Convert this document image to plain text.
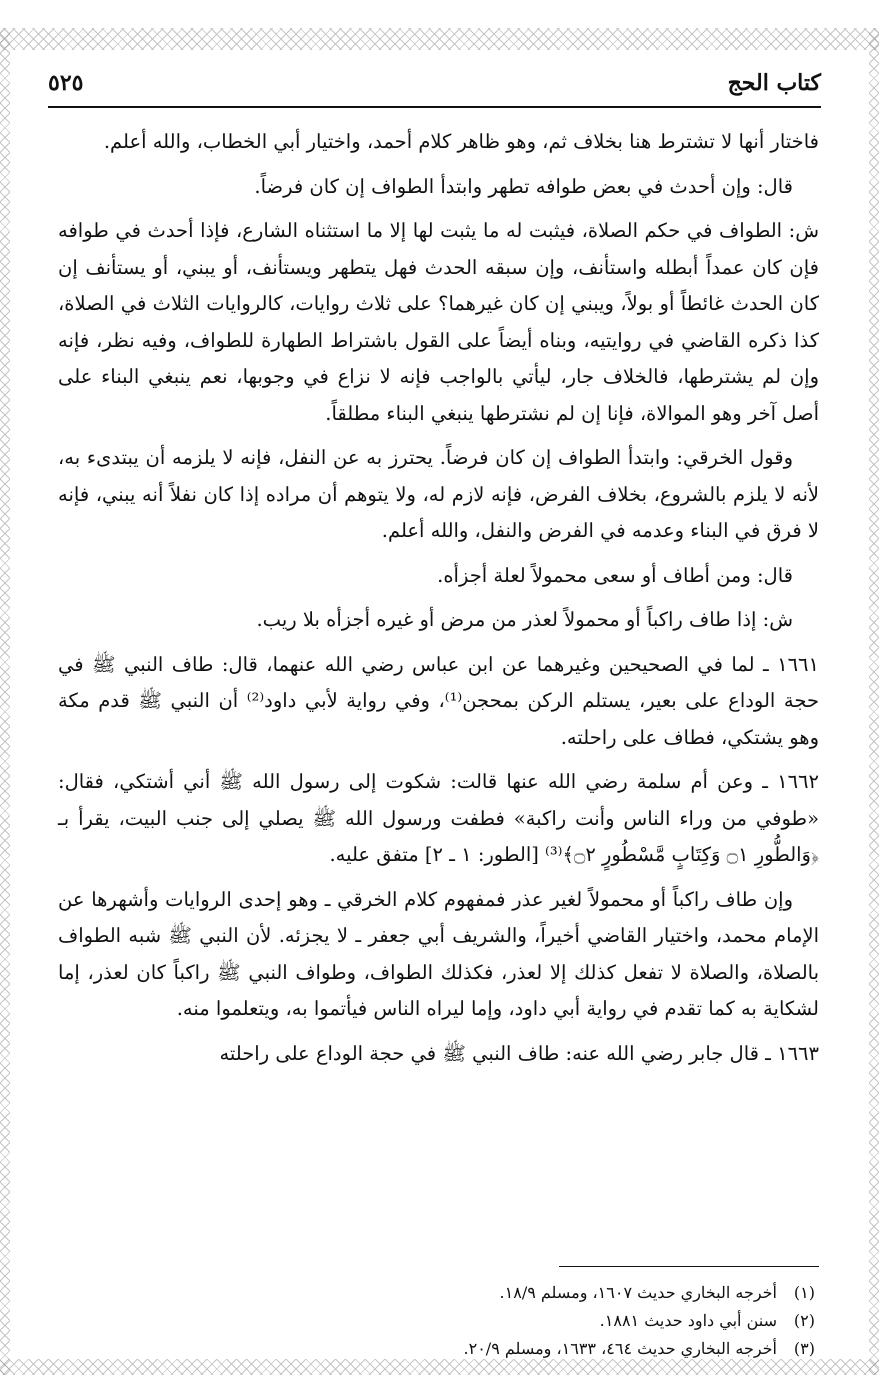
كتاب الحج
٥٢٥

فاختار أنها لا تشترط هنا بخلاف ثم، وهو ظاهر كلام أحمد، واختيار أبي الخطاب، والله أعلم.

قال: وإن أحدث في بعض طوافه تطهر وابتدأ الطواف إن كان فرضاً.

ش: الطواف في حكم الصلاة، فيثبت له ما يثبت لها إلا ما استثناه الشارع، فإذا أحدث في طوافه فإن كان عمداً أبطله واستأنف، وإن سبقه الحدث فهل يتطهر ويستأنف، أو يبني، أو يستأنف إن كان الحدث غائطاً أو بولاً، ويبني إن كان غيرهما؟ على ثلاث روايات، كالروايات الثلاث في الصلاة، كذا ذكره القاضي في روايتيه، وبناه أيضاً على القول باشتراط الطهارة للطواف، وفيه نظر، فإنه وإن لم يشترطها، فالخلاف جار، ليأتي بالواجب فإنه لا نزاع في وجوبها، نعم ينبغي البناء على أصل آخر وهو الموالاة، فإنا إن لم نشترطها ينبغي البناء مطلقاً.

وقول الخرقي: وابتدأ الطواف إن كان فرضاً. يحترز به عن النفل، فإنه لا يلزمه أن يبتدىء به، لأنه لا يلزم بالشروع، بخلاف الفرض، فإنه لازم له، ولا يتوهم أن مراده إذا كان نفلاً أنه يبني، فإنه لا فرق في البناء وعدمه في الفرض والنفل، والله أعلم.

قال: ومن أطاف أو سعى محمولاً لعلة أجزأه.

ش: إذا طاف راكباً أو محمولاً لعذر من مرض أو غيره أجزأه بلا ريب.

١٦٦١ ـ لما في الصحيحين وغيرهما عن ابن عباس رضي الله عنهما، قال: طاف النبي ﷺ في حجة الوداع على بعير، يستلم الركن بمحجن⁽¹⁾، وفي رواية لأبي داود⁽²⁾ أن النبي ﷺ قدم مكة وهو يشتكي، فطاف على راحلته.

١٦٦٢ ـ وعن أم سلمة رضي الله عنها قالت: شكوت إلى رسول الله ﷺ أني أشتكي، فقال: «طوفي من وراء الناس وأنت راكبة» فطفت ورسول الله ﷺ يصلي إلى جنب البيت، يقرأ بـ ﴿وَالطُّورِ ۝١ وَكِتَابٍ مَّسْطُورٍ ۝٢﴾⁽³⁾ [الطور: ١ ـ ٢] متفق عليه.

وإن طاف راكباً أو محمولاً لغير عذر فمفهوم كلام الخرقي ـ وهو إحدى الروايات وأشهرها عن الإمام محمد، واختيار القاضي أخيراً، والشريف أبي جعفر ـ لا يجزئه. لأن النبي ﷺ شبه الطواف بالصلاة، والصلاة لا تفعل كذلك إلا لعذر، فكذلك الطواف، وطواف النبي ﷺ راكباً كان لعذر، إما لشكاية به كما تقدم في رواية أبي داود، وإما ليراه الناس فيأتموا به، ويتعلموا منه.

١٦٦٣ ـ قال جابر رضي الله عنه: طاف النبي ﷺ في حجة الوداع على راحلته

(١)
أخرجه البخاري حديث ١٦٠٧، ومسلم ١٨/٩.
(٢)
سنن أبي داود حديث ١٨٨١.
(٣)
أخرجه البخاري حديث ٤٦٤، ١٦٣٣، ومسلم ٢٠/٩.
